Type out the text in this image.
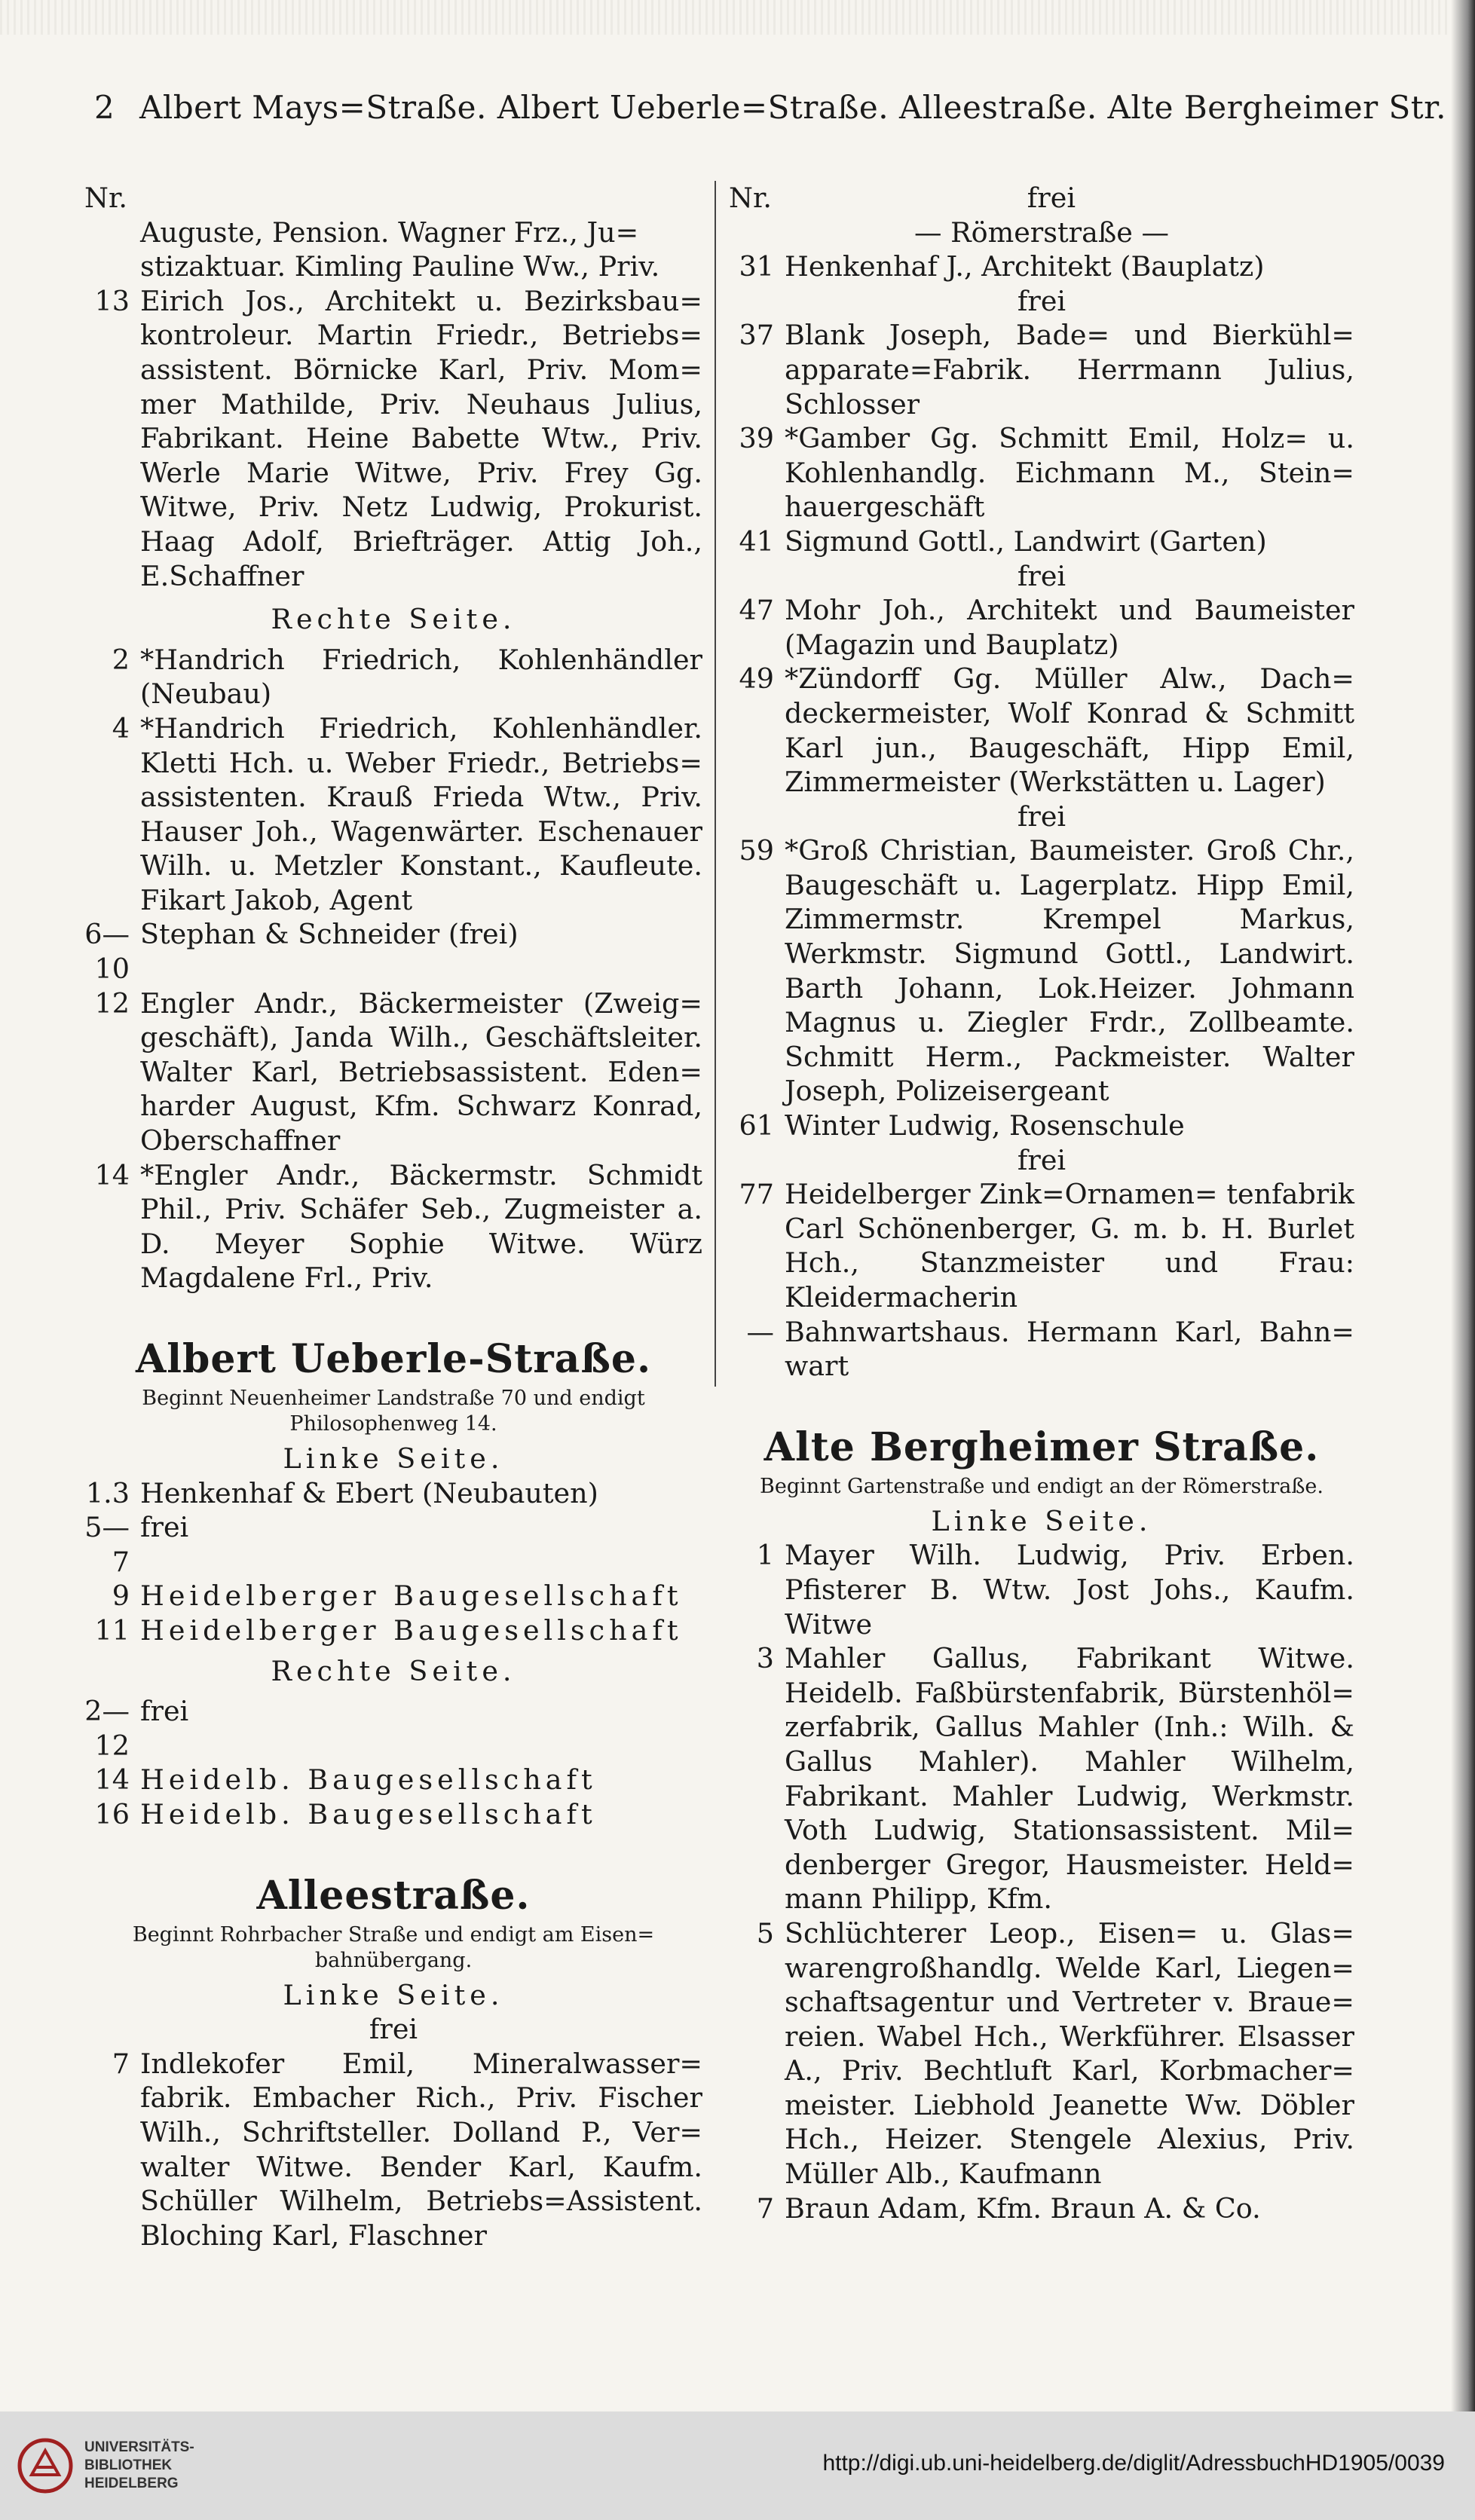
2 Albert Mays=Straße. Albert Ueberle=Straße. Alleestraße. Alte Bergheimer Str.
Nr.
Auguste, Pension. Wagner Frz., Ju=
stizaktuar. Kimling Pauline Ww., Priv.
13 Eirich Jos., Architekt u. Bezirksbau= kontroleur. Martin Friedr., Betriebs= assistent. Börnicke Karl, Priv. Mom= mer Mathilde, Priv. Neuhaus Julius, Fabrikant. Heine Babette Wtw., Priv. Werle Marie Witwe, Priv. Frey Gg. Witwe, Priv. Netz Ludwig, Prokurist. Haag Adolf, Briefträger. Attig Joh., E.Schaffner
Rechte Seite.
2 *Handrich Friedrich, Kohlenhändler (Neubau)
4 *Handrich Friedrich, Kohlenhändler. Kletti Hch. u. Weber Friedr., Betriebs= assistenten. Krauß Frieda Wtw., Priv. Hauser Joh., Wagenwärter. Eschenauer Wilh. u. Metzler Konstant., Kaufleute. Fikart Jakob, Agent
6—10
Stephan & Schneider (frei)
12 Engler Andr., Bäckermeister (Zweig= geschäft), Janda Wilh., Geschäftsleiter. Walter Karl, Betriebsassistent. Eden= harder August, Kfm. Schwarz Konrad, Oberschaffner
14 *Engler Andr., Bäckermstr. Schmidt Phil., Priv. Schäfer Seb., Zugmeister a. D. Meyer Sophie Witwe. Würz Magdalene Frl., Priv.
Albert Ueberle-Straße.
Beginnt Neuenheimer Landstraße 70 und endigt Philosophenweg 14.
Linke Seite.
1.3 Henkenhaf & Ebert (Neubauten)
5—7
frei
9 Heidelberger Baugesellschaft
11 Heidelberger Baugesellschaft
Rechte Seite.
2—12
frei
14 Heidelb. Baugesellschaft
16 Heidelb. Baugesellschaft
Alleestraße.
Beginnt Rohrbacher Straße und endigt am Eisen= bahnübergang.
Linke Seite.
frei
7 Indlekofer Emil, Mineralwasser= fabrik. Embacher Rich., Priv. Fischer Wilh., Schriftsteller. Dolland P., Ver= walter Witwe. Bender Karl, Kaufm. Schüller Wilhelm, Betriebs=Assistent. Bloching Karl, Flaschner
Nr.	frei
— Römerstraße —
31 Henkenhaf J., Architekt (Bauplatz)
frei
37 Blank Joseph, Bade= und Bierkühl= apparate=Fabrik. Herrmann Julius, Schlosser
39 *Gamber Gg. Schmitt Emil, Holz= u. Kohlenhandlg. Eichmann M., Stein= hauergeschäft
41 Sigmund Gottl., Landwirt (Garten)
frei
47 Mohr Joh., Architekt und Baumeister (Magazin und Bauplatz)
49 *Zündorff Gg. Müller Alw., Dach= deckermeister, Wolf Konrad & Schmitt Karl jun., Baugeschäft, Hipp Emil, Zimmermeister (Werkstätten u. Lager)
frei
59 *Groß Christian, Baumeister. Groß Chr., Baugeschäft u. Lagerplatz. Hipp Emil, Zimmermstr. Krempel Markus, Werkmstr. Sigmund Gottl., Landwirt. Barth Johann, Lok.Heizer. Johmann Magnus u. Ziegler Frdr., Zollbeamte. Schmitt Herm., Packmeister. Walter Joseph, Polizeisergeant
61 Winter Ludwig, Rosenschule
frei
77 Heidelberger Zink=Ornamen= tenfabrik Carl Schönenberger, G. m. b. H. Burlet Hch., Stanzmeister und Frau: Kleidermacherin
— Bahnwartshaus. Hermann Karl, Bahn= wart
Alte Bergheimer Straße.
Beginnt Gartenstraße und endigt an der Römerstraße.
Linke Seite.
1 Mayer Wilh. Ludwig, Priv. Erben. Pfisterer B. Wtw. Jost Johs., Kaufm. Witwe
3 Mahler Gallus, Fabrikant Witwe. Heidelb. Faßbürstenfabrik, Bürstenhöl= zerfabrik, Gallus Mahler (Inh.: Wilh. & Gallus Mahler). Mahler Wilhelm, Fabrikant. Mahler Ludwig, Werkmstr. Voth Ludwig, Stationsassistent. Mil= denberger Gregor, Hausmeister. Held= mann Philipp, Kfm.
5 Schlüchterer Leop., Eisen= u. Glas= warengroßhandlg. Welde Karl, Liegen= schaftsagentur und Vertreter v. Braue= reien. Wabel Hch., Werkführer. Elsasser A., Priv. Bechtluft Karl, Korbmacher= meister. Liebhold Jeanette Ww. Döbler Hch., Heizer. Stengele Alexius, Priv. Müller Alb., Kaufmann
7 Braun Adam, Kfm. Braun A. & Co.
UNIVERSITÄTS-
BIBLIOTHEK
HEIDELBERG
http://digi.ub.uni-heidelberg.de/diglit/AdressbuchHD1905/0039
